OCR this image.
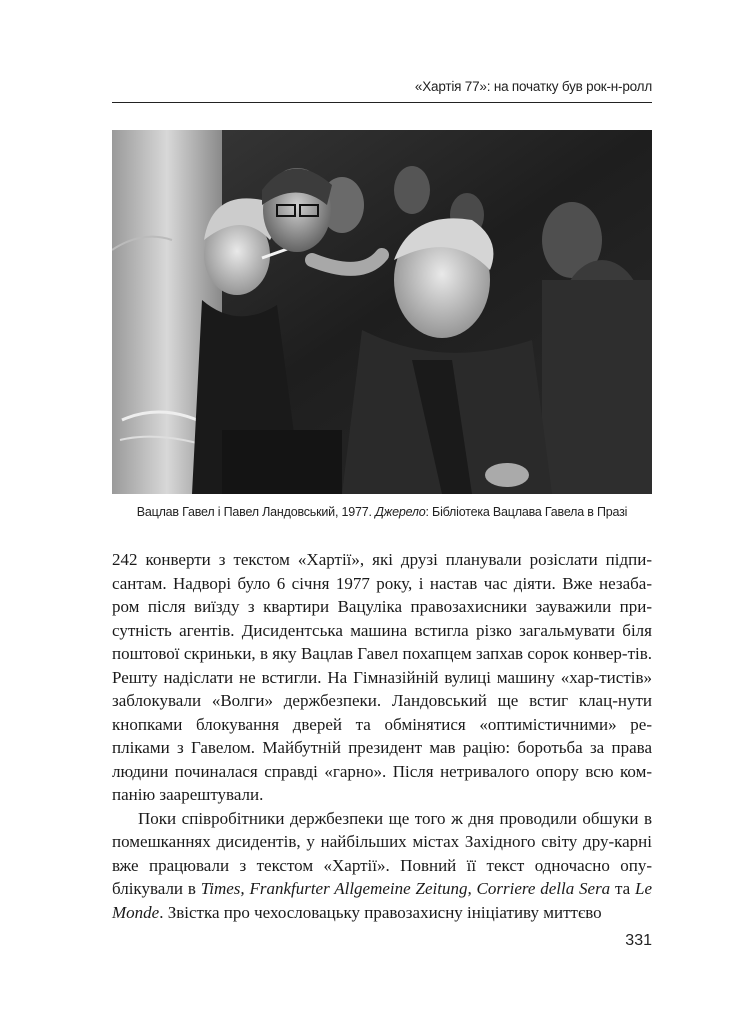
«Хартія 77»: на початку був рок-н-ролл
Вацлав Гавел і Павел Ландовський, 1977. Джерело: Бібліотека Вацлава Гавела в Празі

242 конверти з текстом «Хартії», які друзі планували розіслати підпи-сантам. Надворі було 6 січня 1977 року, і настав час діяти. Вже незаба-ром після виїзду з квартири Вацуліка правозахисники зауважили при-сутність агентів. Дисидентська машина встигла різко загальмувати біля поштової скриньки, в яку Вацлав Гавел похапцем запхав сорок конвер-тів. Решту надіслати не встигли. На Гімназійній вулиці машину «хар-тистів» заблокували «Волги» держбезпеки. Ландовський ще встиг клац-нути кнопками блокування дверей та обмінятися «оптимістичними» ре-пліками з Гавелом. Майбутній президент мав рацію: боротьба за права людини починалася справді «гарно». Після нетривалого опору всю ком-панію заарештували.

Поки співробітники держбезпеки ще того ж дня проводили обшуки в помешканнях дисидентів, у найбільших містах Західного світу дру-карні вже працювали з текстом «Хартії». Повний її текст одночасно опу-блікували в Times, Frankfurter Allgemeine Zeitung, Corriere della Sera та Le Monde. Звістка про чехословацьку правозахисну ініціативу миттєво

331
